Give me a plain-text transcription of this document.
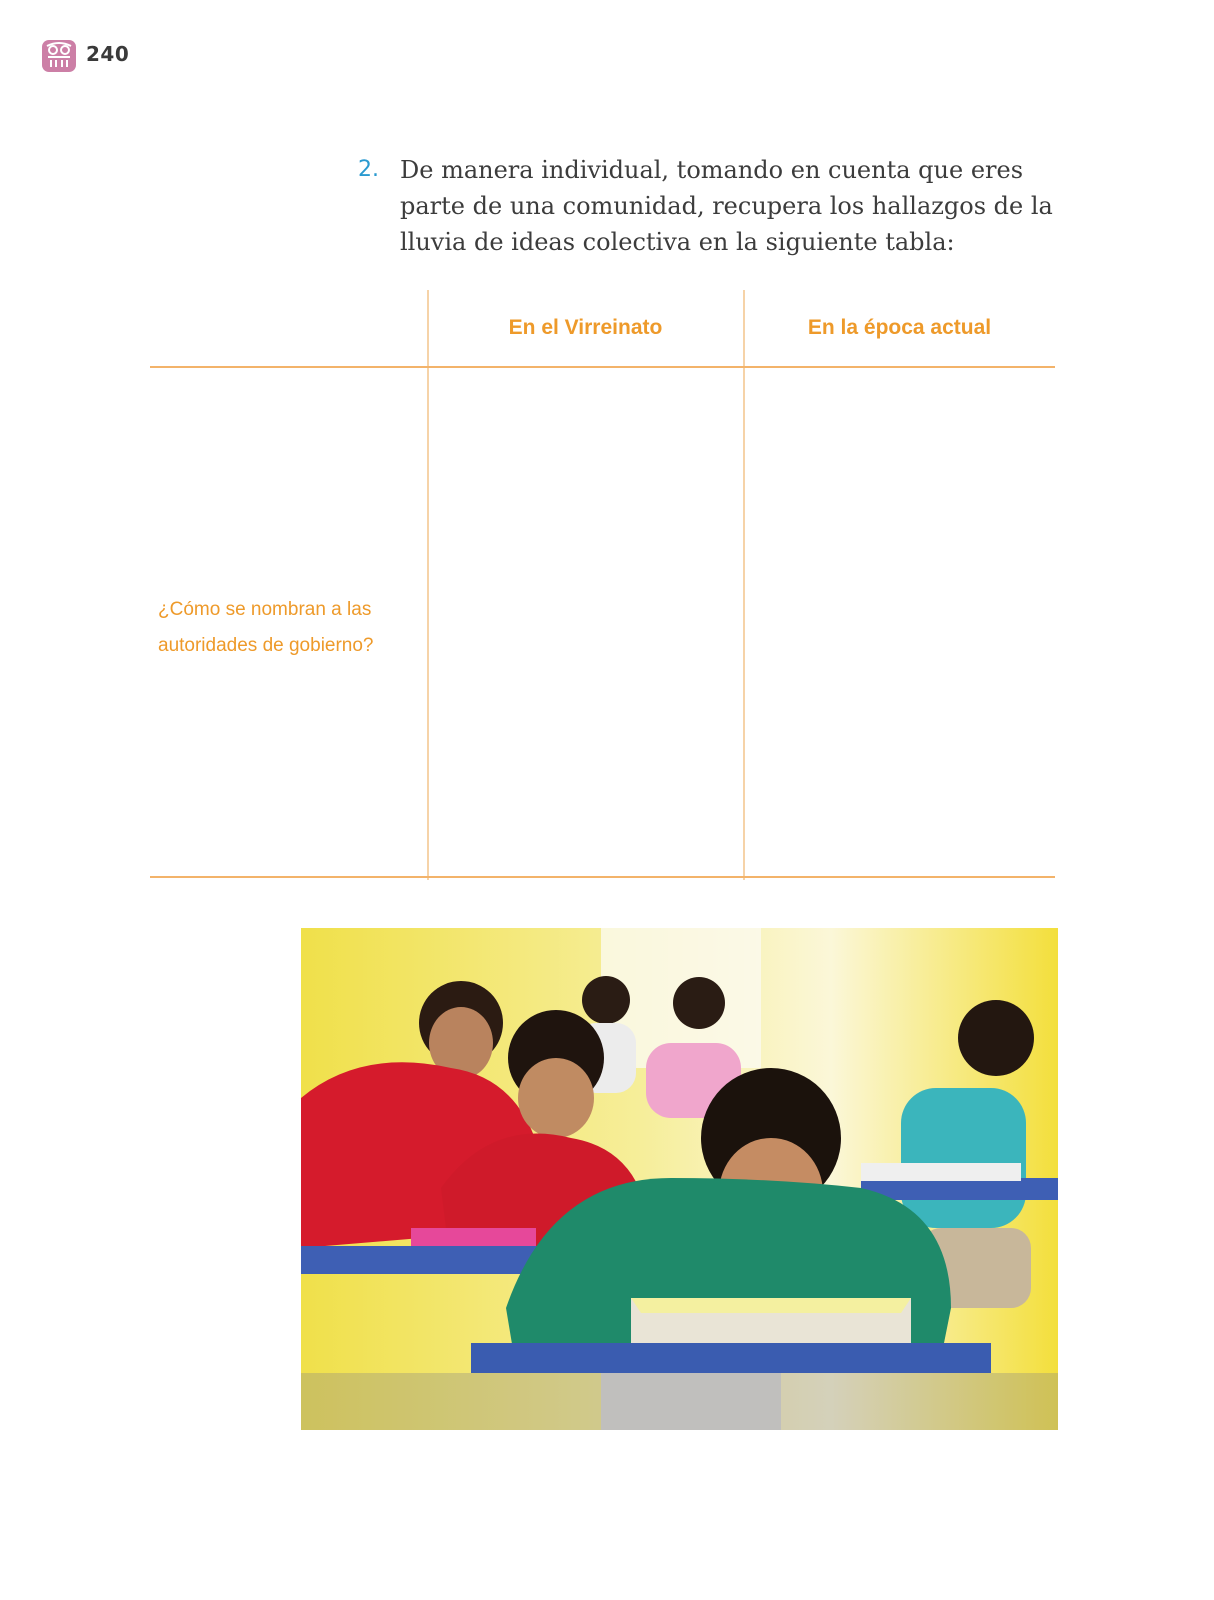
240
2. De manera individual, tomando en cuenta que eres parte de una comunidad, recupera los hallazgos de la lluvia de ideas colectiva en la siguiente tabla:
En el Virreinato	En la época actual
¿Cómo se nombran a las autoridades de gobierno?
